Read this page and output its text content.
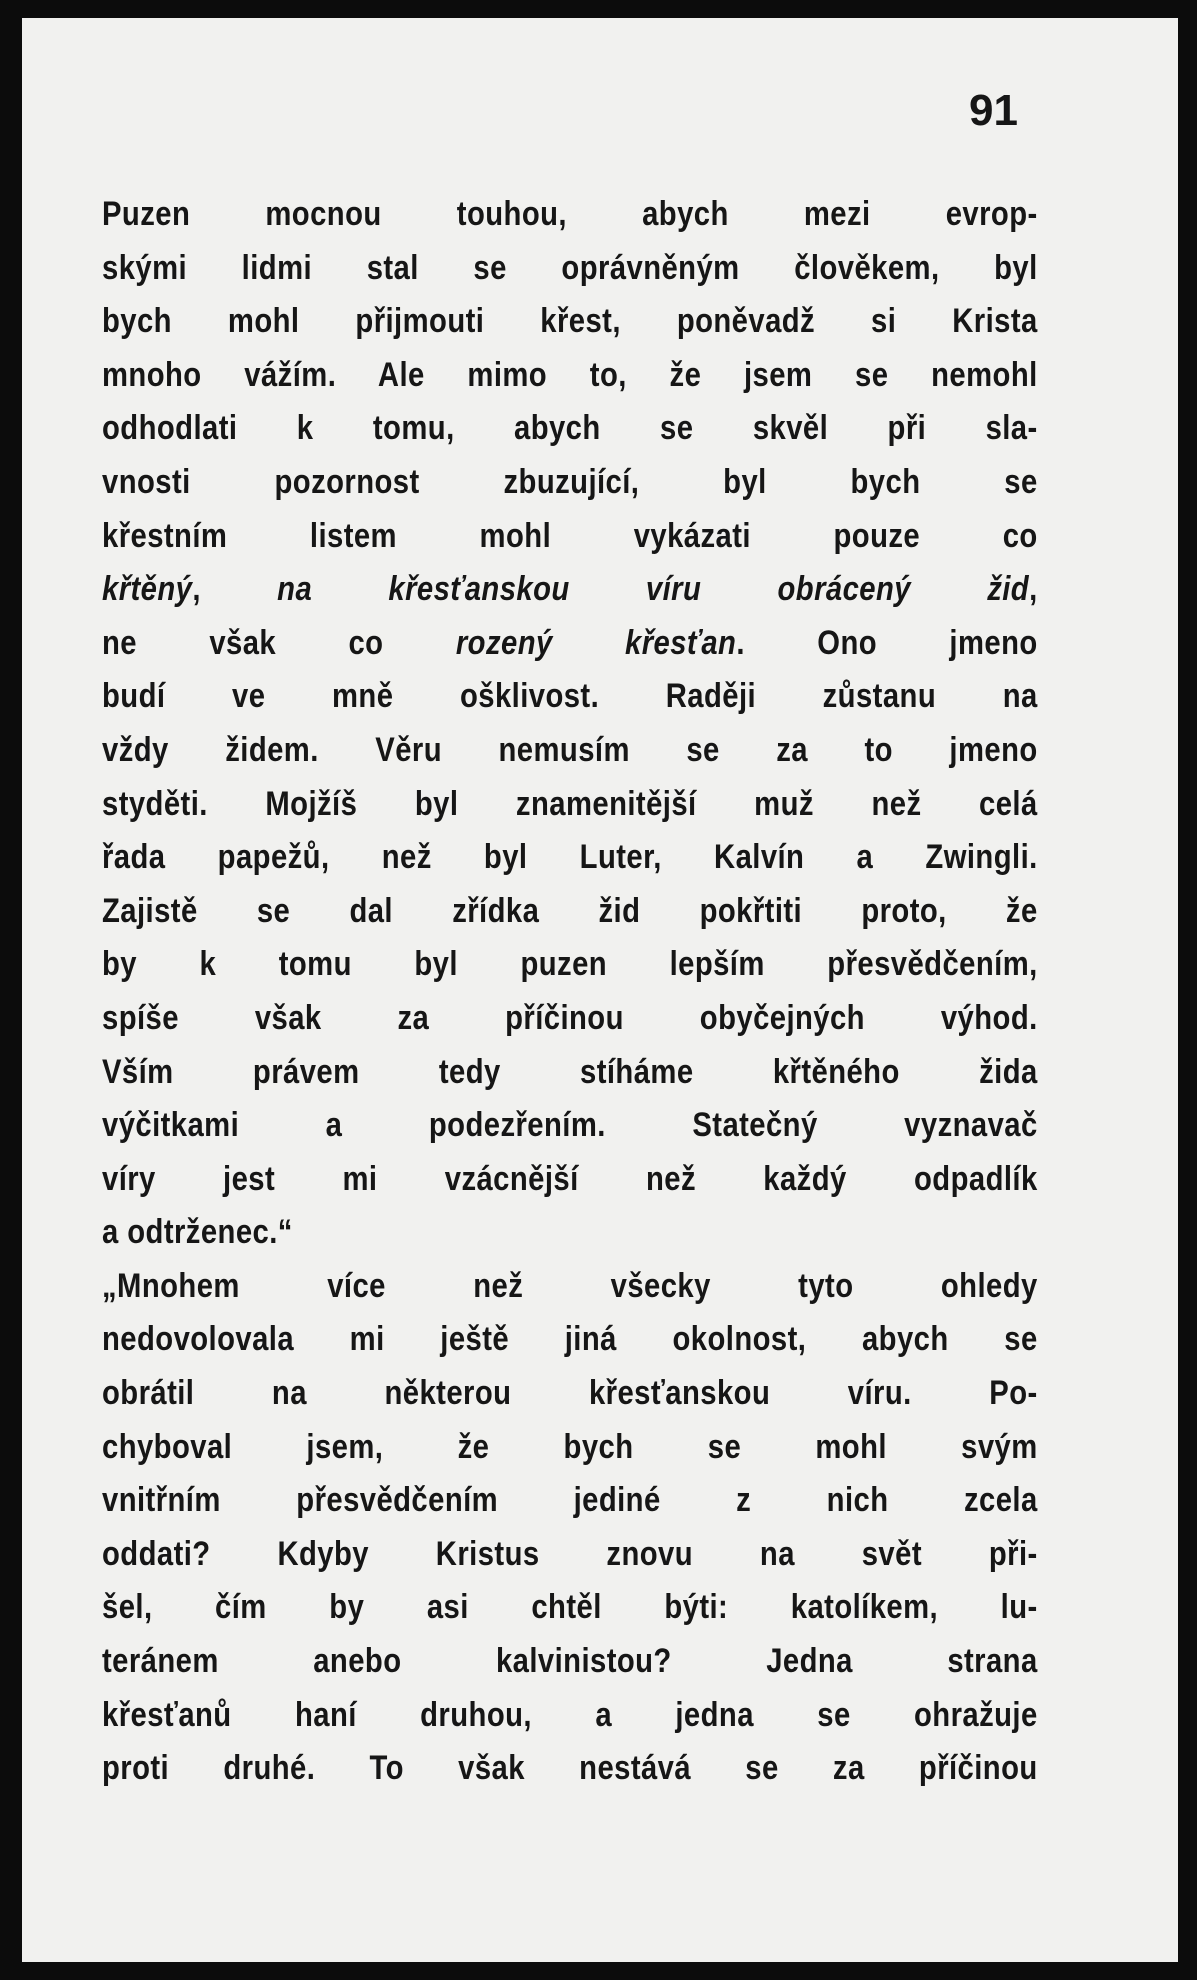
91
Puzen mocnou touhou, abych mezi evrop-
skými lidmi stal se oprávněným člověkem, byl
bych mohl přijmouti křest, poněvadž si Krista
mnoho vážím. Ale mimo to, že jsem se nemohl
odhodlati k tomu, abych se skvěl při sla-
vnosti pozornost zbuzující, byl bych se
křestním listem mohl vykázati pouze co
křtěný, na křesťanskou víru obrácený žid,
ne však co rozený křesťan. Ono jmeno
budí ve mně ošklivost. Raději zůstanu na
vždy židem. Věru nemusím se za to jmeno
styděti. Mojžíš byl znamenitější muž než celá
řada papežů, než byl Luter, Kalvín a Zwingli.
Zajistě se dal zřídka žid pokřtiti proto, že
by k tomu byl puzen lepším přesvědčením,
spíše však za příčinou obyčejných výhod.
Vším právem tedy stíháme křtěného žida
výčitkami a podezřením. Statečný vyznavač
víry jest mi vzácnější než každý odpadlík
a odtrženec.“
„Mnohem více než všecky tyto ohledy
nedovolovala mi ještě jiná okolnost, abych se
obrátil na některou křesťanskou víru. Po-
chyboval jsem, že bych se mohl svým
vnitřním přesvědčením jediné z nich zcela
oddati? Kdyby Kristus znovu na svět při-
šel, čím by asi chtěl býti: katolíkem, lu-
teránem anebo kalvinistou? Jedna strana
křesťanů haní druhou, a jedna se ohražuje
proti druhé. To však nestává se za příčinou
